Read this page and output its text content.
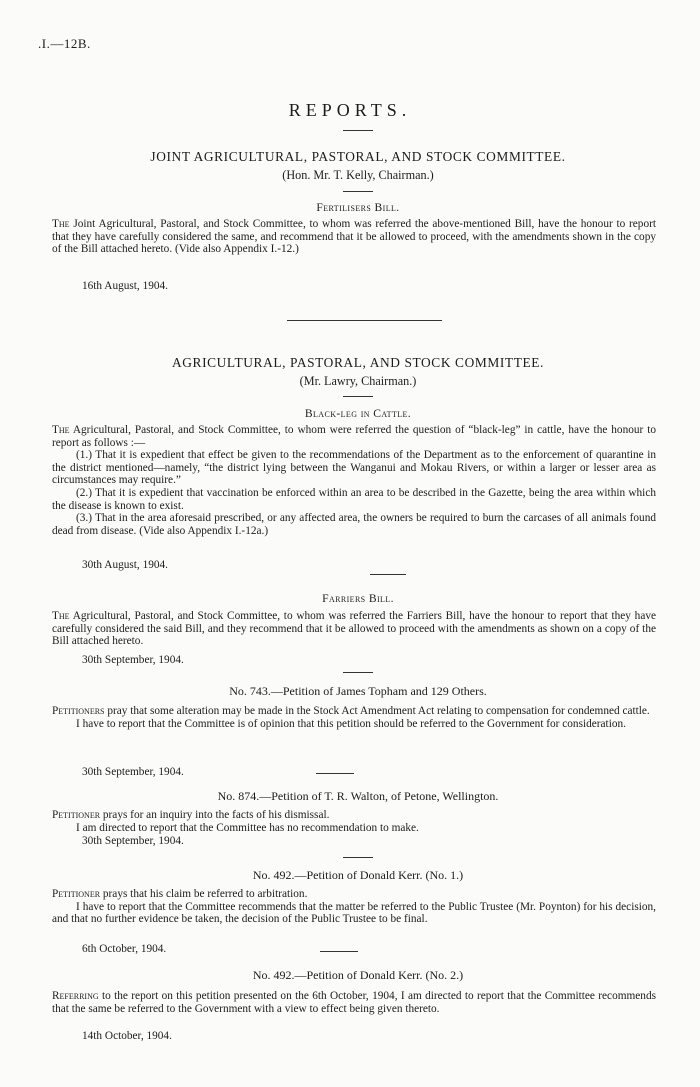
.I.—12B.
REPORTS.
JOINT AGRICULTURAL, PASTORAL, AND STOCK COMMITTEE.
(Hon. Mr. T. Kelly, Chairman.)
Fertilisers Bill.

The Joint Agricultural, Pastoral, and Stock Committee, to whom was referred the above-mentioned Bill, have the honour to report that they have carefully considered the same, and recommend that it be allowed to proceed, with the amendments shown in the copy of the Bill attached hereto. (Vide also Appendix I.-12.)

16th August, 1904.
AGRICULTURAL, PASTORAL, AND STOCK COMMITTEE.
(Mr. Lawry, Chairman.)
Black-leg in Cattle.

The Agricultural, Pastoral, and Stock Committee, to whom were referred the question of “black-leg” in cattle, have the honour to report as follows :—

(1.) That it is expedient that effect be given to the recommendations of the Department as to the enforcement of quarantine in the district mentioned—namely, “the district lying between the Wanganui and Mokau Rivers, or within a larger or lesser area as circumstances may require.”

(2.) That it is expedient that vaccination be enforced within an area to be described in the Gazette, being the area within which the disease is known to exist.

(3.) That in the area aforesaid prescribed, or any affected area, the owners be required to burn the carcases of all animals found dead from disease. (Vide also Appendix I.-12a.)

30th August, 1904.
Farriers Bill.

The Agricultural, Pastoral, and Stock Committee, to whom was referred the Farriers Bill, have the honour to report that they have carefully considered the said Bill, and they recommend that it be allowed to proceed with the amendments as shown on a copy of the Bill attached hereto.

30th September, 1904.
No. 743.—Petition of James Topham and 129 Others.

Petitioners pray that some alteration may be made in the Stock Act Amendment Act relating to compensation for condemned cattle.

I have to report that the Committee is of opinion that this petition should be referred to the Government for consideration.

30th September, 1904.
No. 874.—Petition of T. R. Walton, of Petone, Wellington.

Petitioner prays for an inquiry into the facts of his dismissal.

I am directed to report that the Committee has no recommendation to make.

30th September, 1904.
No. 492.—Petition of Donald Kerr. (No. 1.)

Petitioner prays that his claim be referred to arbitration.

I have to report that the Committee recommends that the matter be referred to the Public Trustee (Mr. Poynton) for his decision, and that no further evidence be taken, the decision of the Public Trustee to be final.

6th October, 1904.
No. 492.—Petition of Donald Kerr. (No. 2.)

Referring to the report on this petition presented on the 6th October, 1904, I am directed to report that the Committee recommends that the same be referred to the Government with a view to effect being given thereto.

14th October, 1904.
